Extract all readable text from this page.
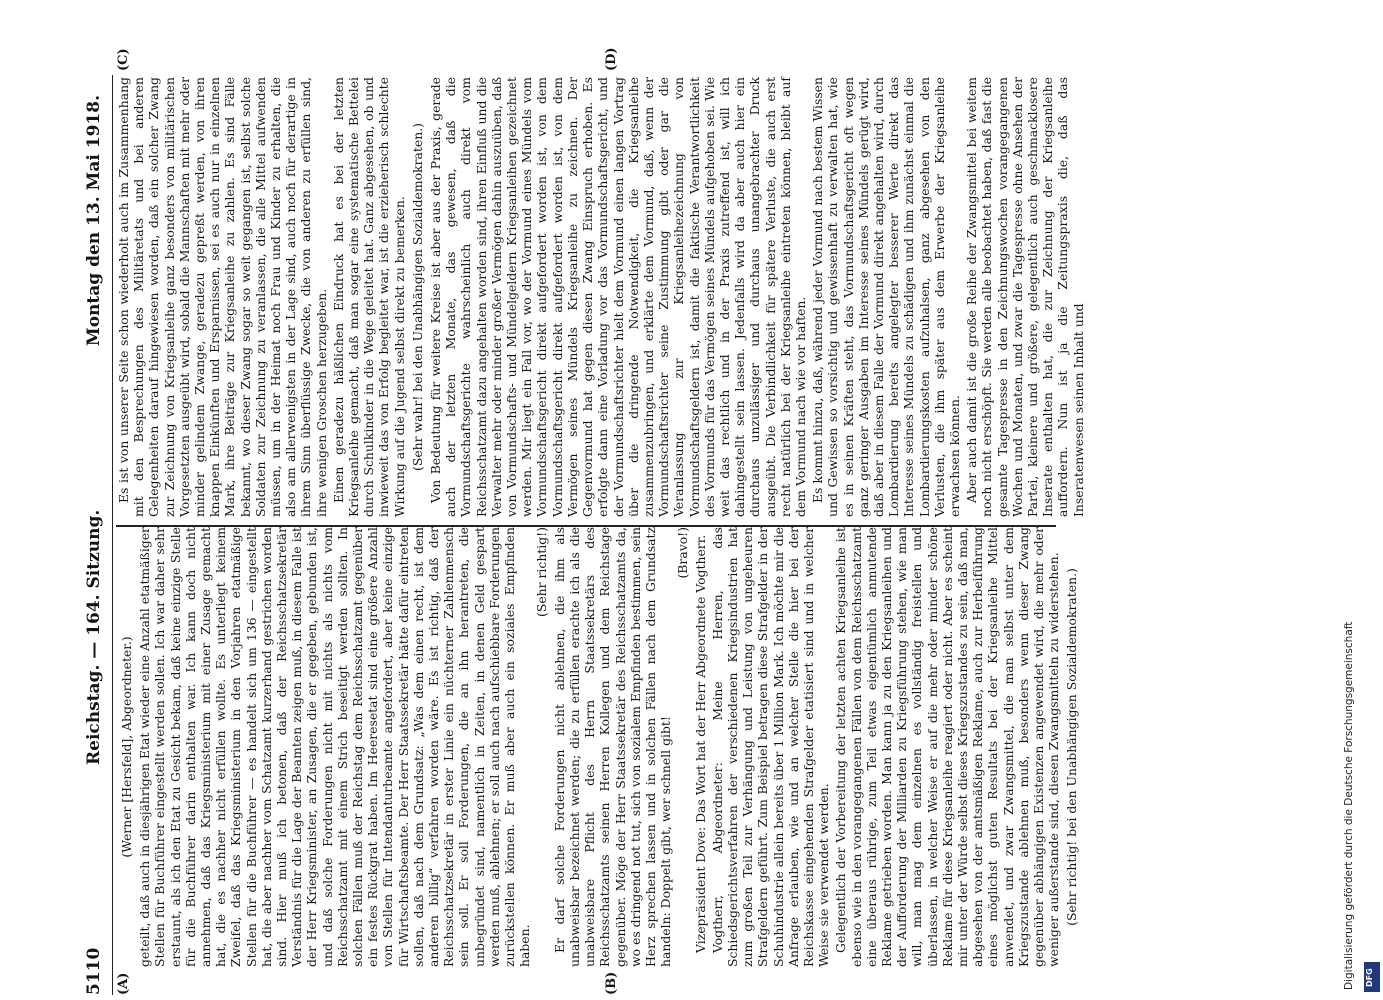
5110
Reichstag. — 164. Sitzung.
Montag den 13. Mai 1918.
(A)	(B)
(C)	(D)

(Werner [Hersfeld], Abgeordneter.) geteilt, daß auch in diesjährigen Etat wieder eine Anzahl etatmäßiger Stellen für Buchführer eingestellt werden sollen. Ich war daher sehr erstaunt, als ich den Etat zu Gesicht bekam, daß keine einzige Stelle für die Buchführer darin enthalten war. Ich kann doch nicht annehmen, daß das Kriegsministerium mit einer Zusage gemacht hat, die es nachher nicht erfüllen wollte. Es unterliegt keinem Zweifel, daß das Kriegsministerium in den Vorjahren etatmäßige Stellen für die Buchführer — es handelt sich um 136 — eingestellt hat, die aber nachher vom Schatzamt kurzerhand gestrichen worden sind. Hier muß ich betonen, daß der Reichsschatzsekretär Verständnis für die Lage der Beamten zeigen muß, in diesem Falle ist der Herr Kriegsminister, an Zusagen, die er gegeben, gebunden ist, und daß solche Forderungen nicht mit nichts als nichts vom Reichsschatzamt mit einem Strich beseitigt werden sollten. In solchen Fällen muß der Reichstag dem Reichsschatzamt gegenüber ein festes Rückgrat haben. Im Heeresetat sind eine größere Anzahl von Stellen für Intendanturbeamte angefordert, aber keine einzige für Wirtschaftsbeamte. Der Herr Staatssekretär hätte dafür eintreten sollen, daß nach dem Grundsatz: „Was dem einen recht, ist dem anderen billig“ verfahren worden wäre. Es ist richtig, daß der Reichsschatzsekretär in erster Linie ein nüchterner Zahlenmensch sein soll. Er soll Forderungen, die an ihn herantreten, die unbegründet sind, namentlich in Zeiten, in denen Geld gespart werden muß, ablehnen; er soll auch nach aufschiebbare Forderungen zurückstellen können. Er muß aber auch ein soziales Empfinden haben.

(Sehr richtig!) Er darf solche Forderungen nicht ablehnen, die ihm als unabweisbar bezeichnet werden; die zu erfüllen erachte ich als die unabweisbare Pflicht des Herrn Staatssekretärs des Reichsschatzamts seinen Herren Kollegen und dem Reichstage gegenüber. Möge der Herr Staatssekretär des Reichsschatzamts da, wo es dringend not tut, sich von sozialem Empfinden bestimmen, sein Herz sprechen lassen und in solchen Fällen nach dem Grundsatz handeln: Doppelt gibt, wer schnell gibt!

(Bravo!) Vizepräsident Dove: Das Wort hat der Herr Abgeordnete Vogtherr. Vogtherr, Abgeordneter: Meine Herren, das Schiedsgerichtsverfahren der verschiedenen Kriegsindustrien hat zum großen Teil zur Verhängung und Leistung von ungeheuren Strafgeldern geführt. Zum Beispiel betragen diese Strafgelder in der Schuhindustrie allein bereits über 1 Million Mark. Ich möchte mir die Anfrage erlauben, wie und an welcher Stelle die hier bei der Reichskasse eingehenden Strafgelder etatisiert sind und in welcher Weise sie verwendet werden. Gelegentlich der Vorbereitung der letzten achten Kriegsanleihe ist ebenso wie in den vorangegangenen Fällen von dem Reichsschatzamt eine überaus rührige, zum Teil etwas eigentümlich anmutende Reklame getrieben worden. Man kann ja zu den Kriegsanleihen und der Aufforderung der Milliarden zu Kriegsführung stehen, wie man will, man mag dem einzelnen es vollständig freistellen und überlassen, in welcher Weise er auf die mehr oder minder schöne Reklame für diese Kriegsanleihe reagiert oder nicht. Aber es scheint mir unter der Würde selbst dieses Kriegszustandes zu sein, daß man, abgesehen von der amtsmäßigen Reklame, auch zur Herbeiführung eines möglichst guten Resultats bei der Kriegsanleihe Mittel anwendet, und zwar Zwangsmittel, die man selbst unter dem Kriegszustande ablehnen muß, besonders wenn dieser Zwang gegenüber abhängigen Existenzen angewendet wird, die mehr oder weniger außerstande sind, diesen Zwangsmitteln zu widerstehen. (Sehr richtig! bei den Unabhängigen Sozialdemokraten.)

Es ist von unserer Seite schon wiederholt auch im Zusammenhang mit den Besprechungen des Militäretats und bei anderen Gelegenheiten darauf hingewiesen worden, daß ein solcher Zwang zur Zeichnung von Kriegsanleihe ganz besonders von militärischen Vorgesetzten ausgeübt wird, sobald die Mannschaften mit mehr oder minder gelindem Zwange, geradezu gepreßt werden, von ihren knappen Einkünften und Ersparnissen, sei es auch nur in einzelnen Mark, ihre Beiträge zur Kriegsanleihe zu zahlen. Es sind Fälle bekannt, wo dieser Zwang sogar so weit gegangen ist, selbst solche Soldaten zur Zeichnung zu veranlassen, die alle Mittel aufwenden müssen, um in der Heimat noch Frau und Kinder zu erhalten, die also am allerwenigsten in der Lage sind, auch noch für derartige in ihrem Sinn überflüssige Zwecke, die von anderen zu erfüllen sind, ihre wenigen Groschen herzugeben. Einen geradezu häßlichen Eindruck hat es bei der letzten Kriegsanleihe gemacht, daß man sogar eine systematische Bettelei durch Schulkinder in die Wege geleitet hat. Ganz abgesehen, ob und inwieweit das von Erfolg begleitet war, ist die erzieherisch schlechte Wirkung auf die Jugend selbst direkt zu bemerken. (Sehr wahr! bei den Unabhängigen Sozialdemokraten.) Von Bedeutung für weitere Kreise ist aber aus der Praxis, gerade auch der letzten Monate, das gewesen, daß die Vormundschaftsgerichte wahrscheinlich auch direkt vom Reichsschatzamt dazu angehalten worden sind, ihren Einfluß und die Verwalter mehr oder minder großer Vermögen dahin auszuüben, daß von Vormundschafts- und Mündelgeldern Kriegsanleihen gezeichnet werden. Mir liegt ein Fall vor, wo der Vormund eines Mündels vom Vormundschaftsgericht direkt aufgefordert worden ist, von dem Vormundschaftsgericht direkt aufgefordert worden ist, von dem Vermögen seines Mündels Kriegsanleihe zu zeichnen. Der Gegenvormund hat gegen diesen Zwang Einspruch erhoben. Es erfolgte dann eine Vorladung vor das Vormundschaftsgericht, und der Vormundschaftsrichter hielt dem Vormund einen langen Vortrag über die dringende Notwendigkeit, die Kriegsanleihe zusammenzubringen, und erklärte dem Vormund, daß, wenn der Vormundschaftsrichter seine Zustimmung gibt oder gar die Veranlassung zur Kriegsanleihezeichnung von Vormundschaftsgeldern ist, damit die faktische Verantwortlichkeit des Vormunds für das Vermögen seines Mündels aufgehoben sei. Wie weit das rechtlich und in der Praxis zutreffend ist, will ich dahingestellt sein lassen. Jedenfalls wird da aber auch hier ein durchaus unzulässiger und durchaus unangebrachter Druck ausgeübt. Die Verbindlichkeit für spätere Verluste, die auch erst recht natürlich bei der Kriegsanleihe eintreten können, bleibt auf dem Vormund nach wie vor haften. Es kommt hinzu, daß, während jeder Vormund nach bestem Wissen und Gewissen so vorsichtig und gewissenhaft zu verwalten hat, wie es in seinen Kräften steht, das Vormundschaftsgericht oft wegen ganz geringer Ausgaben im Interesse seines Mündels gerügt wird, daß aber in diesem Falle der Vormund direkt angehalten wird, durch Lombardierung bereits angelegter besserer Werte direkt das Interesse seines Mündels zu schädigen und ihm zunächst einmal die Lombardierungskosten aufzuhalsen, ganz abgesehen von den Verlusten, die ihm später aus dem Erwerbe der Kriegsanleihe erwachsen können. Aber auch damit ist die große Reihe der Zwangsmittel bei weitem noch nicht erschöpft. Sie werden alle beobachtet haben, daß fast die gesamte Tagespresse in den Zeichnungswochen vorangegangenen Wochen und Monaten, und zwar die Tagespresse ohne Ansehen der Partei, kleinere und größere, gelegentlich auch geschmacklosere Inserate enthalten hat, die zur Zeichnung der Kriegsanleihe auffordern. Nun ist ja die Zeitungspraxis die, daß das Inseratenwesen seinen Inhalt und

Digitalisierung gefördert durch die Deutsche Forschungsgemeinschaft DFG
